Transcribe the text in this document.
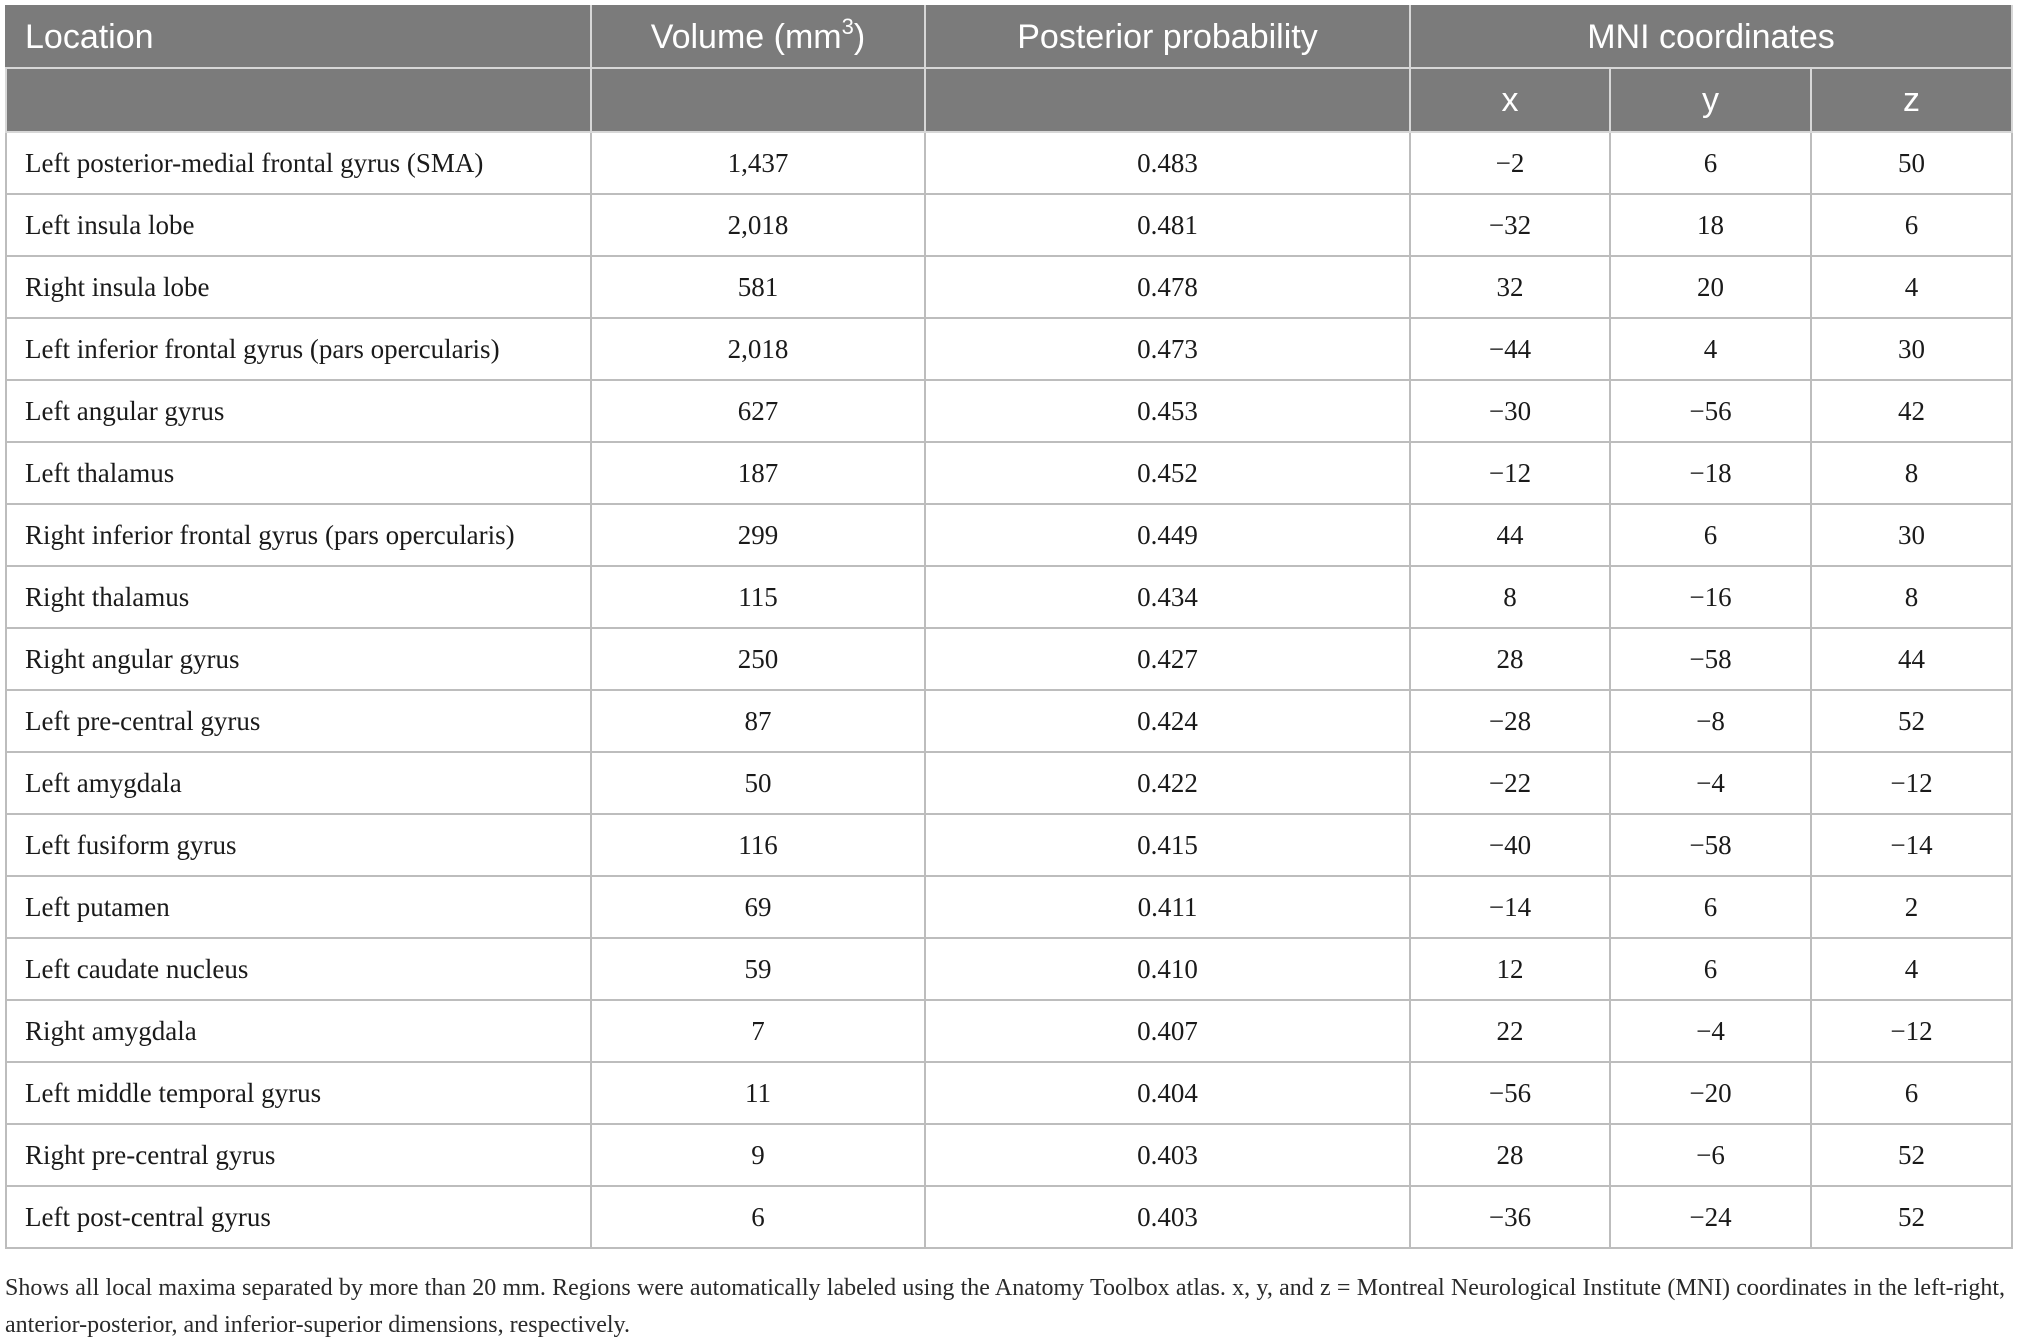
Location	Volume $(mm^3)$	Posterior probability	MNI coordinates		
			x	y	z
Left posterior-medial frontal gyrus (SMA)	1,437	0.483	−2	6	50
Left insula lobe	2,018	0.481	−32	18	6
Right insula lobe	581	0.478	32	20	4
Left inferior frontal gyrus (pars opercularis)	2,018	0.473	−44	4	30
Left angular gyrus	627	0.453	−30	−56	42
Left thalamus	187	0.452	−12	−18	8
Right inferior frontal gyrus (pars opercularis)	299	0.449	44	6	30
Right thalamus	115	0.434	8	−16	8
Right angular gyrus	250	0.427	28	−58	44
Left pre-central gyrus	87	0.424	−28	−8	52
Left amygdala	50	0.422	−22	−4	−12
Left fusiform gyrus	116	0.415	−40	−58	−14
Left putamen	69	0.411	−14	6	2
Left caudate nucleus	59	0.410	12	6	4
Right amygdala	7	0.407	22	−4	−12
Left middle temporal gyrus	11	0.404	−56	−20	6
Right pre-central gyrus	9	0.403	28	−6	52
Left post-central gyrus	6	0.403	−36	−24	52
Shows all local maxima separated by more than 20 mm. Regions were automatically labeled using the Anatomy Toolbox atlas. x, y, and z = Montreal Neurological Institute (MNI) coordinates in the left-right, anterior-posterior, and inferior-superior dimensions, respectively.
